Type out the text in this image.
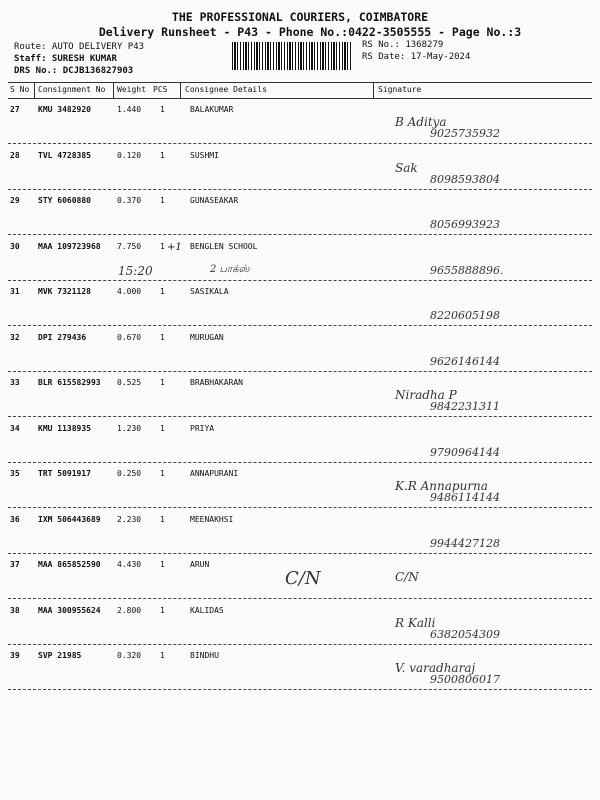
THE PROFESSIONAL COURIERS, COIMBATORE
Delivery Runsheet - P43 - Phone No.:0422-3505555 - Page No.:3
Route: AUTO DELIVERY P43
Staff: SURESH KUMAR
DRS No.: DCJB136827903
RS No.: 1368279
RS Date: 17-May-2024
S No Consignment No Weight PCS Consignee Details	Signature
27 KMU 3482920	1.440 1	BALAKUMAR
B Aditya
9025735932
28 TVL 4728385	0.120 1	SUSHMI
Sak
8098593804
29 STY 6060880	0.370 1	GUNASEAKAR
8056993923
30 MAA 109723968 7.750 1	BENGLEN SCHOOL
9655888896.
+1
15:20	2 பாக்ஸ்
31 MVK 7321128	4.000 1	SASIKALA
8220605198
32 DPI 279436	0.670 1	MURUGAN
9626146144
33 BLR 615582993 0.525 1	BRABHAKARAN
Niradha P
9842231311
34 KMU 1138935	1.230 1	PRIYA
9790964144
35 TRT 5091917	0.250 1	ANNAPURANI
K.R Annapurna
9486114144
36 IXM 506443689 2.230 1	MEENAKHSI
9944427128
37 MAA 865852590 4.430 1	ARUN
C/N
C/N
38 MAA 300955624 2.800 1	KALIDAS
R Kalli
6382054309
39 SVP 21985	0.320 1	BINDHU
V. varadharaj
9500806017
